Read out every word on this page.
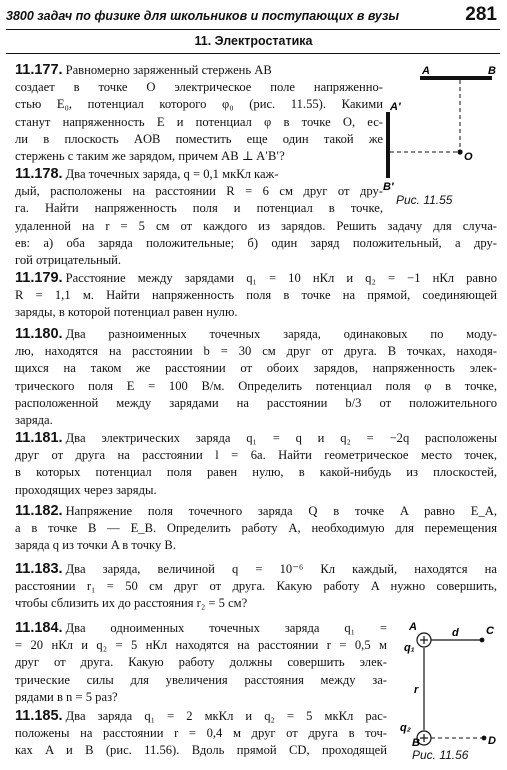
3800 задач по физике для школьников и поступающих в вузы	281
11. Электростатика
11.177. Равномерно заряженный стержень AB
создает в точке O электрическое поле напряженно-
стью E₀, потенциал которого φ₀ (рис. 11.55). Какими
станут напряженность E и потенциал φ в точке O, ес-
ли в плоскость AOB поместить еще один такой же
стержень с таким же зарядом, причем AB ⊥ A′B′?
11.178. Два точечных заряда, q = 0,1 мкКл каж-
дый, расположены на расстоянии R = 6 см друг от дру-
га. Найти напряженность поля и потенциал в точке,
удаленной на r = 5 см от каждого из зарядов. Решить задачу для случа-
ев: а) оба заряда положительные; б) один заряд положительный, а дру-
гой отрицательный.
11.179. Расстояние между зарядами q₁ = 10 нКл и q₂ = −1 нКл равно
R = 1,1 м. Найти напряженность поля в точке на прямой, соединяющей
заряды, в которой потенциал равен нулю.
11.180. Два разноименных точечных заряда, одинаковых по моду-
лю, находятся на расстоянии b = 30 см друг от друга. В точках, находя-
щихся на таком же расстоянии от обоих зарядов, напряженность элек-
трического поля E = 100 В/м. Определить потенциал поля φ в точке,
расположенной между зарядами на расстоянии b/3 от положительного
заряда.
11.181. Два электрических заряда q₁ = q и q₂ = −2q расположены
друг от друга на расстоянии l = 6a. Найти геометрическое место точек,
в которых потенциал поля равен нулю, в какой-нибудь из плоскостей,
проходящих через заряды.
11.182. Напряжение поля точечного заряда Q в точке A равно E_A,
а в точке B — E_B. Определить работу A, необходимую для перемещения
заряда q из точки A в точку B.
11.183. Два заряда, величиной q = 10⁻⁶ Кл каждый, находятся на
расстоянии r₁ = 50 см друг от друга. Какую работу A нужно совершить,
чтобы сблизить их до расстояния r₂ = 5 см?
11.184. Два одноименных точечных заряда q₁ =
= 20 нКл и q₂ = 5 нКл находятся на расстоянии r = 0,5 м
друг от друга. Какую работу должны совершить элек-
трические силы для увеличения расстояния между за-
рядами в n = 5 раз?
11.185. Два заряда q₁ = 2 мкКл и q₂ = 5 мкКл рас-
положены на расстоянии r = 0,4 м друг от друга в точ-
ках A и B (рис. 11.56). Вдоль прямой CD, проходящей
A	B
A′
B′
O
Рис. 11.55
A
q₁
d C
r
q₂
B	D
Рис. 11.56
